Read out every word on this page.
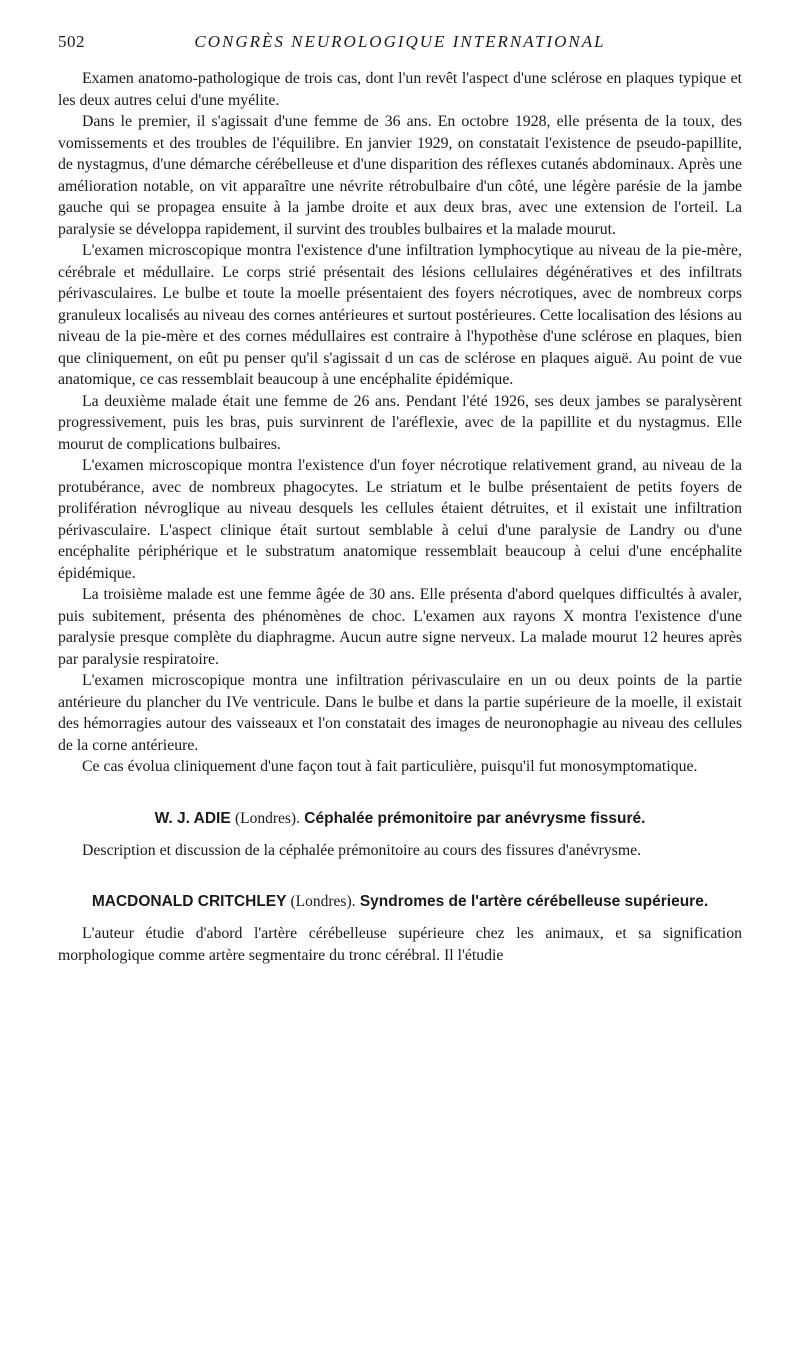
502	CONGRÈS NEUROLOGIQUE INTERNATIONAL

Examen anatomo-pathologique de trois cas, dont l'un revêt l'aspect d'une sclérose en plaques typique et les deux autres celui d'une myélite.

Dans le premier, il s'agissait d'une femme de 36 ans. En octobre 1928, elle présenta de la toux, des vomissements et des troubles de l'équilibre. En janvier 1929, on constatait l'existence de pseudo-papillite, de nystagmus, d'une démarche cérébelleuse et d'une disparition des réflexes cutanés abdominaux. Après une amélioration notable, on vit apparaître une névrite rétrobulbaire d'un côté, une légère parésie de la jambe gauche qui se propagea ensuite à la jambe droite et aux deux bras, avec une extension de l'orteil. La paralysie se développa rapidement, il survint des troubles bulbaires et la malade mourut.

L'examen microscopique montra l'existence d'une infiltration lymphocytique au niveau de la pie-mère, cérébrale et médullaire. Le corps strié présentait des lésions cellulaires dégénératives et des infiltrats périvasculaires. Le bulbe et toute la moelle présentaient des foyers nécrotiques, avec de nombreux corps granuleux localisés au niveau des cornes antérieures et surtout postérieures. Cette localisation des lésions au niveau de la pie-mère et des cornes médullaires est contraire à l'hypothèse d'une sclérose en plaques, bien que cliniquement, on eût pu penser qu'il s'agissait d un cas de sclérose en plaques aiguë. Au point de vue anatomique, ce cas ressemblait beaucoup à une encéphalite épidémique.

La deuxième malade était une femme de 26 ans. Pendant l'été 1926, ses deux jambes se paralysèrent progressivement, puis les bras, puis survinrent de l'aréflexie, avec de la papillite et du nystagmus. Elle mourut de complications bulbaires.

L'examen microscopique montra l'existence d'un foyer nécrotique relativement grand, au niveau de la protubérance, avec de nombreux phagocytes. Le striatum et le bulbe présentaient de petits foyers de prolifération névroglique au niveau desquels les cellules étaient détruites, et il existait une infiltration périvasculaire. L'aspect clinique était surtout semblable à celui d'une paralysie de Landry ou d'une encéphalite périphérique et le substratum anatomique ressemblait beaucoup à celui d'une encéphalite épidémique.

La troisième malade est une femme âgée de 30 ans. Elle présenta d'abord quelques difficultés à avaler, puis subitement, présenta des phénomènes de choc. L'examen aux rayons X montra l'existence d'une paralysie presque complète du diaphragme. Aucun autre signe nerveux. La malade mourut 12 heures après par paralysie respiratoire.

L'examen microscopique montra une infiltration périvasculaire en un ou deux points de la partie antérieure du plancher du IVe ventricule. Dans le bulbe et dans la partie supérieure de la moelle, il existait des hémorragies autour des vaisseaux et l'on constatait des images de neuronophagie au niveau des cellules de la corne antérieure.

Ce cas évolua cliniquement d'une façon tout à fait particulière, puisqu'il fut monosymptomatique.

W. J. ADIE (Londres). Céphalée prémonitoire par anévrysme fissuré.

Description et discussion de la céphalée prémonitoire au cours des fissures d'anévrysme.

MACDONALD CRITCHLEY (Londres). Syndromes de l'artère cérébelleuse supérieure.

L'auteur étudie d'abord l'artère cérébelleuse supérieure chez les animaux, et sa signification morphologique comme artère segmentaire du tronc cérébral. Il l'étudie
